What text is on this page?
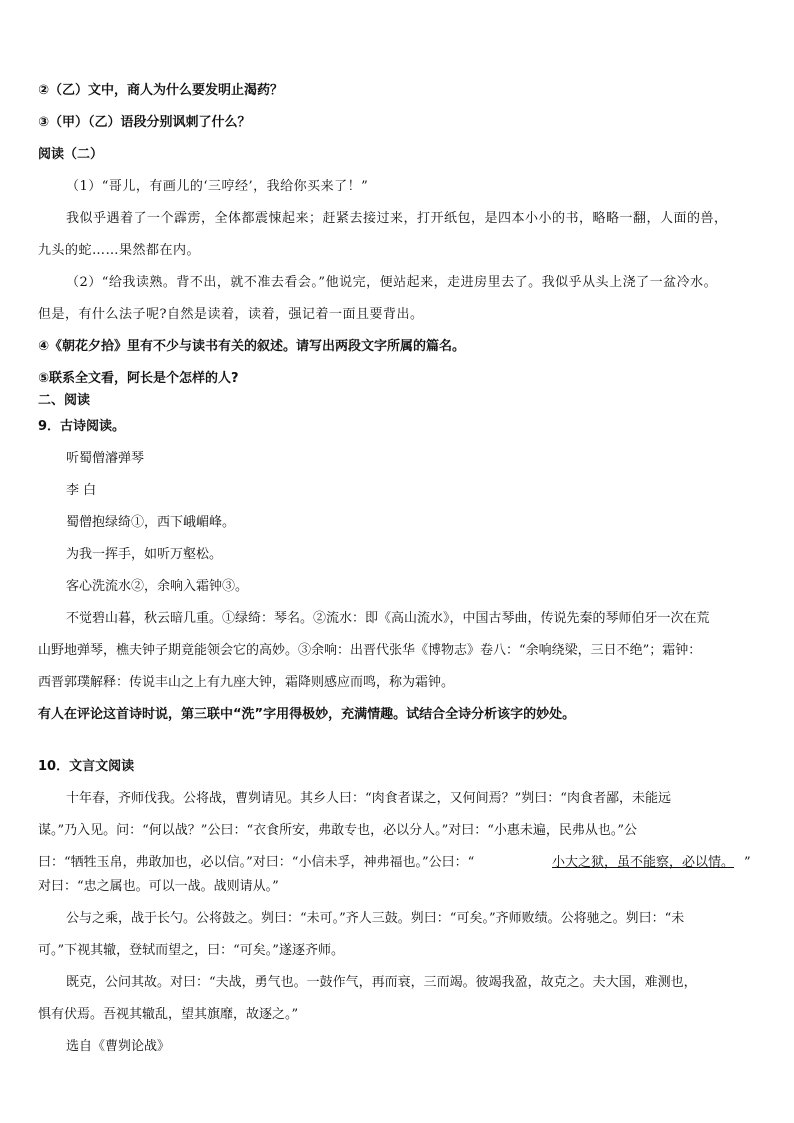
②（乙）文中，商人为什么要发明止渴药？
③（甲）（乙）语段分别讽刺了什么？
阅读（二）
（1）“哥儿，有画儿的‘三哼经’，我给你买来了！”
我似乎遇着了一个霹雳，全体都震悚起来；赶紧去接过来，打开纸包，是四本小小的书，略略一翻，人面的兽，
九头的蛇……果然都在内。
（2）“给我读熟。背不出，就不准去看会。”他说完，便站起来，走进房里去了。我似乎从头上浇了一盆冷水。
但是，有什么法子呢?自然是读着，读着，强记着一面且要背出。
④《朝花夕拾》里有不少与读书有关的叙述。请写出两段文字所属的篇名。
⑤联系全文看，阿长是个怎样的人?
二、阅读
9．古诗阅读。
听蜀僧濬弹琴
李 白
蜀僧抱绿绮①，西下峨嵋峰。
为我一挥手，如听万壑松。
客心洗流水②，余响入霜钟③。
不觉碧山暮，秋云暗几重。①绿绮：琴名。②流水：即《高山流水》，中国古琴曲，传说先秦的琴师伯牙一次在荒
山野地弹琴，樵夫钟子期竟能领会它的高妙。③余响：出晋代张华《博物志》卷八：“余响绕梁，三日不绝”；霜钟：
西晋郭璞解释：传说丰山之上有九座大钟，霜降则感应而鸣，称为霜钟。
有人在评论这首诗时说，第三联中“洗”字用得极妙，充满情趣。试结合全诗分析该字的妙处。
10．文言文阅读
十年春，齐师伐我。公将战，曹刿请见。其乡人曰：“肉食者谋之，又何间焉？”刿曰：“肉食者鄙，未能远
谋。”乃入见。问：“何以战？”公曰：“衣食所安，弗敢专也，必以分人。”对曰：“小惠未遍，民弗从也。”公
曰：“牺牲玉帛，弗敢加也，必以信。”对曰：“小信未孚，神弗福也。”公曰：“	小大之狱，虽不能察，必以情。 ”
对曰：“忠之属也。可以一战。战则请从。”
公与之乘，战于长勺。公将鼓之。刿曰：“未可。”齐人三鼓。刿曰：“可矣。”齐师败绩。公将驰之。刿曰：“未
可。”下视其辙，登轼而望之，曰：“可矣。”遂逐齐师。
既克，公问其故。对曰：“夫战，勇气也。一鼓作气，再而衰，三而竭。彼竭我盈，故克之。夫大国，难测也，
惧有伏焉。吾视其辙乱，望其旗靡，故逐之。”
选自《曹刿论战》
